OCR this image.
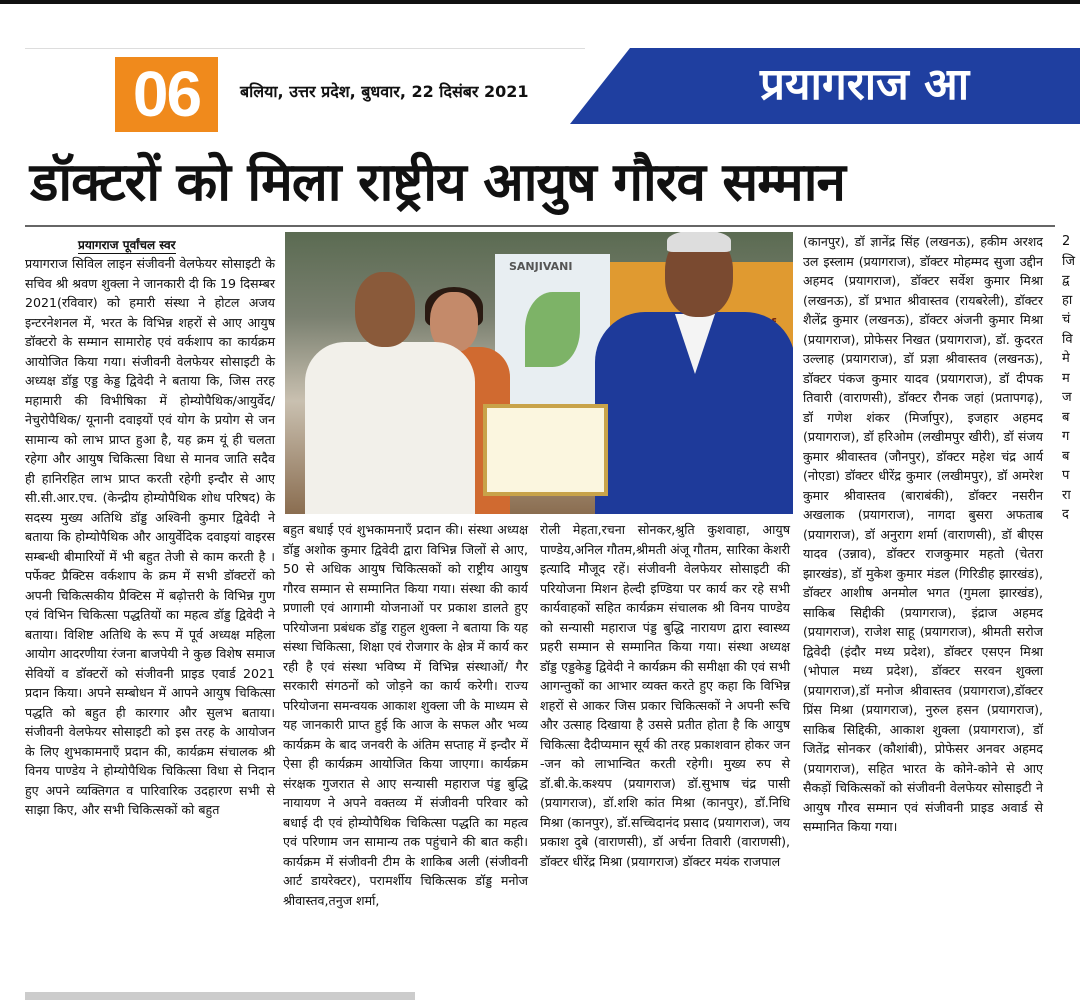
06	बलिया, उत्तर प्रदेश, बुधवार, 22 दिसंबर 2021	प्रयागराज आ
डॉक्टरों को मिला राष्ट्रीय आयुष गौरव सम्मान
प्रयागराज पूर्वांचल स्वर

प्रयागराज सिविल लाइन संजीवनी वेलफेयर सोसाइटी के सचिव श्री श्रवण शुक्ला ने जानकारी दी कि 19 दिसम्बर 2021(रविवार) को हमारी संस्था ने होटल अजय इन्टरनेशनल में, भरत के विभिन्न शहरों से आए आयुष डॉक्टरो के सम्मान सामारोह एवं वर्कशाप का कार्यक्रम आयोजित किया गया। संजीवनी वेलफेयर सोसाइटी के अध्यक्ष डॉड्ड एड्ड केड्ड द्विवेदी ने बताया कि, जिस तरह महामारी की विभीषिका में होम्योपैथिक/आयुर्वेद/ नेचुरोपैथिक/ यूनानी दवाइयों एवं योग के प्रयोग से जन सामान्य को लाभ प्राप्त हुआ है, यह क्रम यूं ही चलता रहेगा और आयुष चिकित्सा विधा से मानव जाति सदैव ही हानिरहित लाभ प्राप्त करती रहेगी इन्दौर से आए सी.सी.आर.एच. (केन्द्रीय होम्योपैथिक शोध परिषद) के सदस्य मुख्य अतिथि डॉड्ड अश्विनी कुमार द्विवेदी ने बताया कि होम्योपैथिक और आयुर्वेदिक दवाइयां वाइरस सम्बन्धी बीमारियों में भी बहुत तेजी से काम करती है । पर्फेक्ट प्रैक्टिस वर्कशाप के क्रम में सभी डॉक्टरों को अपनी चिकित्सकीय प्रैक्टिस में बढ़ोत्तरी के विभिन्न गुण एवं विभिन चिकित्सा पद्धतियों का महत्व डॉड्ड द्विवेदी ने बताया। विशिष्ट अतिथि के रूप में पूर्व अध्यक्ष महिला आयोग आदरणीया रंजना बाजपेयी ने कुछ विशेष समाज सेवियों व डॉक्टरों को संजीवनी प्राइड एवार्ड 2021 प्रदान किया। अपने सम्बोधन में आपने आयुष चिकित्सा पद्धति को बहुत ही कारगार और सुलभ बताया। संजीवनी वेलफेयर सोसाइटी को इस तरह के आयोजन के लिए शुभकामनाएँ प्रदान की, कार्यक्रम संचालक श्री विनय पाण्डेय ने होम्योपैथिक चिकित्सा विधा से निदान हुए अपने व्यक्तिगत व पारिवारिक उदहारण सभी से साझा किए, और सभी चिकित्सकों को बहुत

SANJIVANI

बहुत बधाई एवं शुभकामनाएँ प्रदान की। संस्था अध्यक्ष डॉड्ड अशोक कुमार द्विवेदी द्वारा विभिन्न जिलों से आए, 50 से अधिक आयुष चिकित्सकों को राष्ट्रीय आयुष गौरव सम्मान से सम्मानित किया गया। संस्था की कार्य प्रणाली एवं आगामी योजनाओं पर प्रकाश डालते हुए परियोजना प्रबंधक डॉड्ड राहुल शुक्ला ने बताया कि यह संस्था चिकित्सा, शिक्षा एवं रोजगार के क्षेत्र में कार्य कर रही है एवं संस्था भविष्य में विभिन्न संस्थाओं/ गैर सरकारी संगठनों को जोड़ने का कार्य करेगी। राज्य परियोजना समन्वयक आकाश शुक्ला जी के माध्यम से यह जानकारी प्राप्त हुई कि आज के सफल और भव्य कार्यक्रम के बाद जनवरी के अंतिम सप्ताह में इन्दौर में ऐसा ही कार्यक्रम आयोजित किया जाएगा। कार्यक्रम संरक्षक गुजरात से आए सन्यासी महाराज पंड्ड बुद्धि नायायण ने अपने वक्तव्य में संजीवनी परिवार को बधाई दी एवं होम्योपैथिक चिकित्सा पद्धति का महत्व एवं परिणाम जन सामान्य तक पहुंचाने की बात कही। कार्यक्रम में संजीवनी टीम के शाकिब अली (संजीवनी आर्ट डायरेक्टर), परामर्शीय चिकित्सक डॉड्ड मनोज श्रीवास्तव,तनुज शर्मा,

रोली मेहता,रचना सोनकर,श्रुति कुशवाहा, आयुष पाण्डेय,अनिल गौतम,श्रीमती अंजू गौतम, सारिका केशरी इत्यादि मौजूद रहें। संजीवनी वेलफेयर सोसाइटी की परियोजना मिशन हेल्दी इण्डिया पर कार्य कर रहे सभी कार्यवाहकों सहित कार्यक्रम संचालक श्री विनय पाण्डेय को सन्यासी महाराज पंड्ड बुद्धि नारायण द्वारा स्वास्थ्य प्रहरी सम्मान से सम्मानित किया गया। संस्था अध्यक्ष डॉड्ड एड्डकेड्ड द्विवेदी ने कार्यक्रम की समीक्षा की एवं सभी आगन्तुकों का आभार व्यक्त करते हुए कहा कि विभिन्न शहरों से आकर जिस प्रकार चिकित्सकों ने अपनी रूचि और उत्साह दिखाया है उससे प्रतीत होता है कि आयुष चिकित्सा दैदीप्यमान सूर्य की तरह प्रकाशवान होकर जन -जन को लाभान्वित करती रहेगी। मुख्य रुप से डॉ.बी.के.कश्यप (प्रयागराज) डॉ.सुभाष चंद्र पासी (प्रयागराज), डॉ.शशि कांत मिश्रा (कानपुर), डॉ.निधि मिश्रा (कानपुर), डॉ.सच्चिदानंद प्रसाद (प्रयागराज), जय प्रकाश दुबे (वाराणसी), डॉ अर्चना तिवारी (वाराणसी), डॉक्टर धीरेंद्र मिश्रा (प्रयागराज) डॉक्टर मयंक राजपाल

(कानपुर), डॉ ज्ञानेंद्र सिंह (लखनऊ), हकीम अरशद उल इस्लाम (प्रयागराज), डॉक्टर मोहम्मद सुजा उद्दीन अहमद (प्रयागराज), डॉक्टर सर्वेश कुमार मिश्रा (लखनऊ), डॉ प्रभात श्रीवास्तव (रायबरेली), डॉक्टर शैलेंद्र कुमार (लखनऊ), डॉक्टर अंजनी कुमार मिश्रा (प्रयागराज), प्रोफेसर निखत (प्रयागराज), डॉ. कुदरत उल्लाह (प्रयागराज), डॉ प्रज्ञा श्रीवास्तव (लखनऊ), डॉक्टर पंकज कुमार यादव (प्रयागराज), डॉ दीपक तिवारी (वाराणसी), डॉक्टर रौनक जहां (प्रतापगढ़), डॉ गणेश शंकर (मिर्जापुर), इजहार अहमद (प्रयागराज), डॉ हरिओम (लखीमपुर खीरी), डॉ संजय कुमार श्रीवास्तव (जौनपुर), डॉक्टर महेश चंद्र आर्य (नोएडा) डॉक्टर धीरेंद्र कुमार (लखीमपुर), डॉ अमरेश कुमार श्रीवास्तव (बाराबंकी), डॉक्टर नसरीन अखलाक (प्रयागराज), नागदा बुसरा अफताब (प्रयागराज), डॉ अनुराग शर्मा (वाराणसी), डॉ बीएस यादव (उन्नाव), डॉक्टर राजकुमार महतो (चेतरा झारखंड), डॉ मुकेश कुमार मंडल (गिरिडीह झारखंड), डॉक्टर आशीष अनमोल भगत (गुमला झारखंड), साकिब सिद्दीकी (प्रयागराज), इंद्राज अहमद (प्रयागराज), राजेश साहू (प्रयागराज), श्रीमती सरोज द्विवेदी (इंदौर मध्य प्रदेश), डॉक्टर एसएन मिश्रा (भोपाल मध्य प्रदेश), डॉक्टर सरवन शुक्ला (प्रयागराज),डॉ मनोज श्रीवास्तव (प्रयागराज),डॉक्टर प्रिंस मिश्रा (प्रयागराज), नुरुल हसन (प्रयागराज), साकिब सिद्दिकी, आकाश शुक्ला (प्रयागराज), डॉ जितेंद्र सोनकर (कौशांबी), प्रोफेसर अनवर अहमद (प्रयागराज), सहित भारत के कोने-कोने से आए सैकड़ों चिकित्सकों को संजीवनी वेलफेयर सोसाइटी ने आयुष गौरव सम्मान एवं संजीवनी प्राइड अवार्ड से सम्मानित किया गया।

2 जि द्व हा चं वि मे म ज ब ग ब प रा द
